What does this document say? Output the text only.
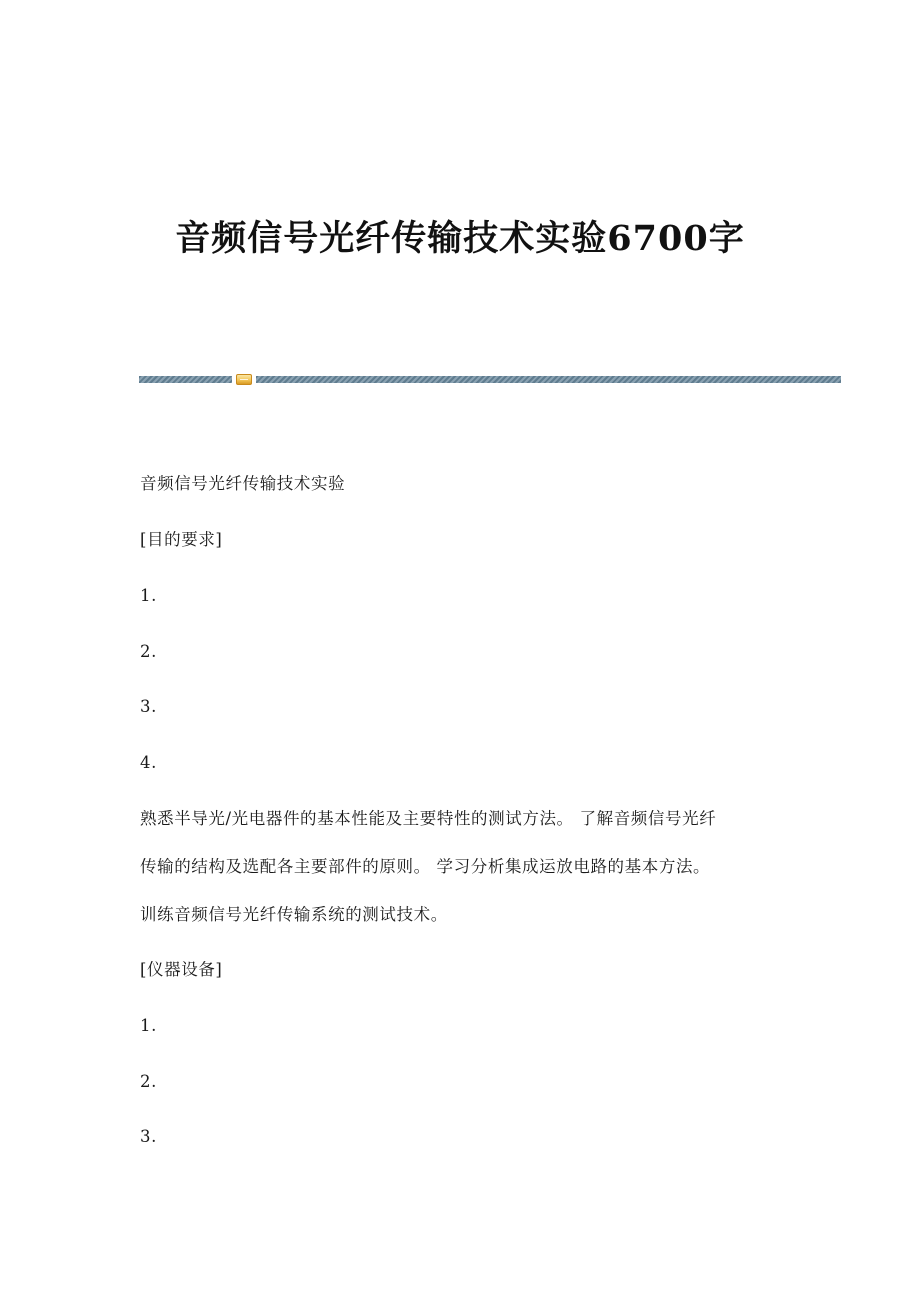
音频信号光纤传输技术实验6700字
音频信号光纤传输技术实验
[目的要求]
1.
2.
3.
4.
熟悉半导光/光电器件的基本性能及主要特性的测试方法。 了解音频信号光纤
传输的结构及选配各主要部件的原则。 学习分析集成运放电路的基本方法。
训练音频信号光纤传输系统的测试技术。
[仪器设备]
1.
2.
3.
